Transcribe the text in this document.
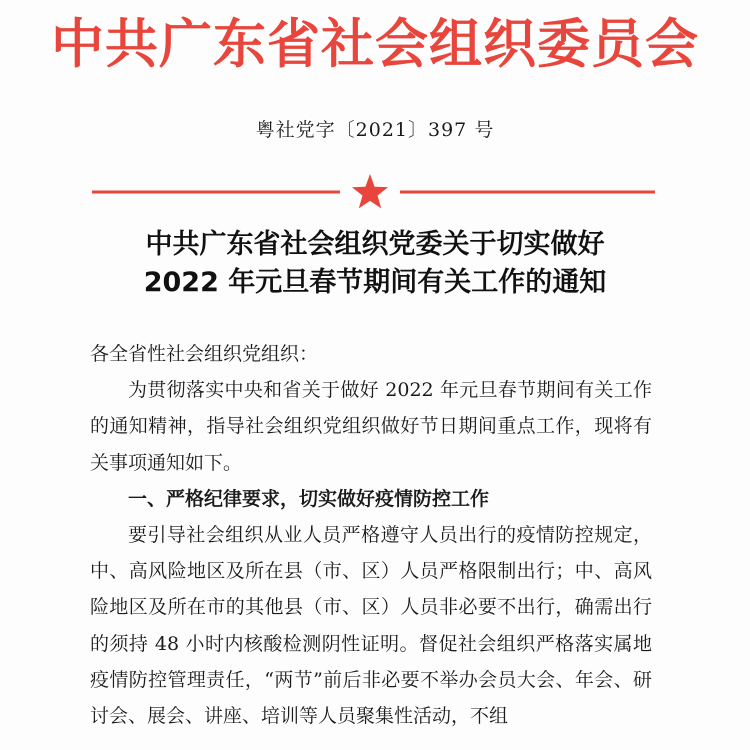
中共广东省社会组织委员会
粤社党字〔2021〕397 号
中共广东省社会组织党委关于切实做好
2022 年元旦春节期间有关工作的通知

各全省性社会组织党组织：

为贯彻落实中央和省关于做好 2022 年元旦春节期间有关工作的通知精神，指导社会组织党组织做好节日期间重点工作，现将有关事项通知如下。

一、严格纪律要求，切实做好疫情防控工作

要引导社会组织从业人员严格遵守人员出行的疫情防控规定，中、高风险地区及所在县（市、区）人员严格限制出行；中、高风险地区及所在市的其他县（市、区）人员非必要不出行，确需出行的须持 48 小时内核酸检测阴性证明。督促社会组织严格落实属地疫情防控管理责任，“两节”前后非必要不举办会员大会、年会、研讨会、展会、讲座、培训等人员聚集性活动，不组
